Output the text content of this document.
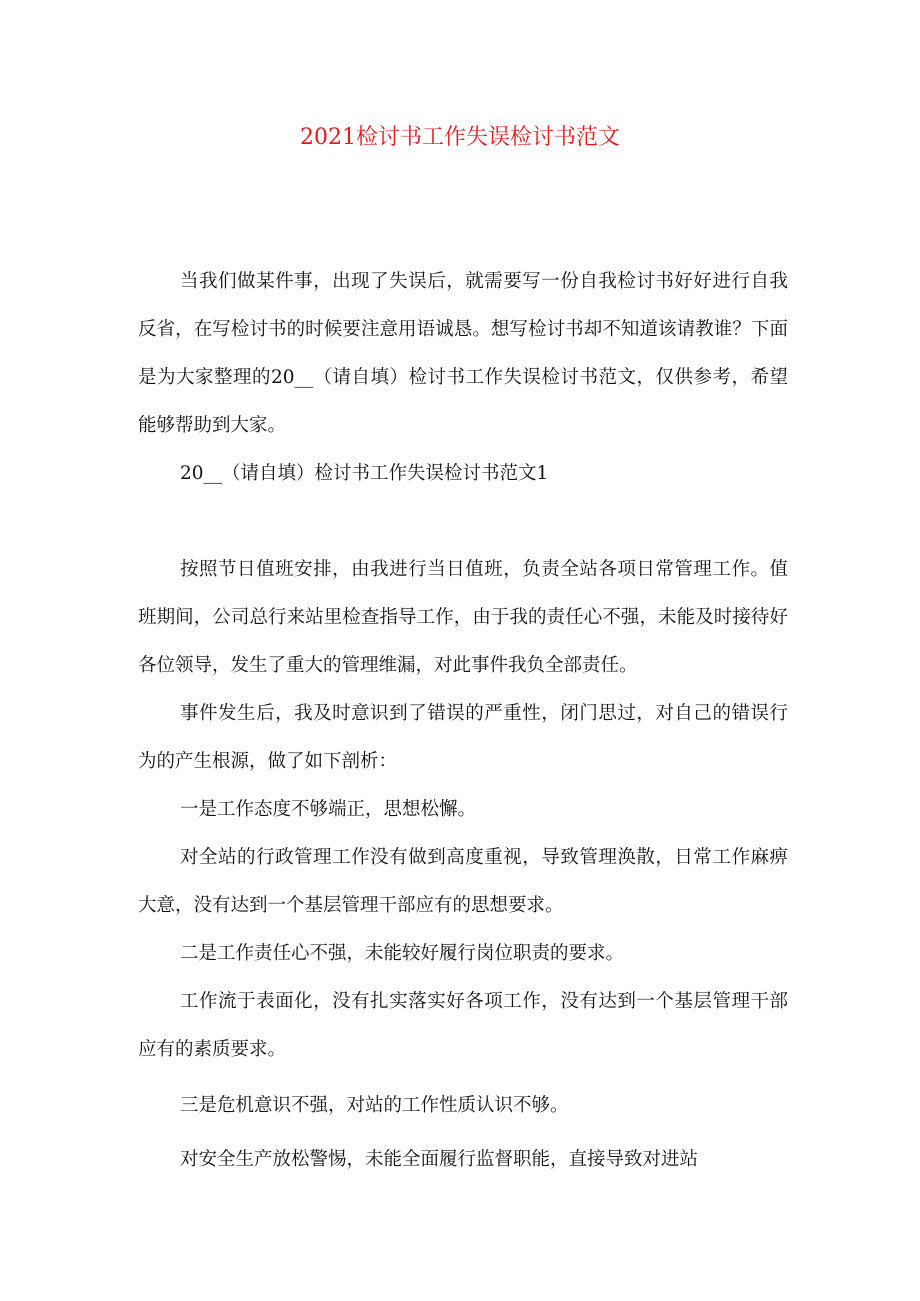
2021检讨书工作失误检讨书范文

当我们做某件事，出现了失误后，就需要写一份自我检讨书好好进行自我反省，在写检讨书的时候要注意用语诚恳。想写检讨书却不知道该请教谁？下面是为大家整理的20__（请自填）检讨书工作失误检讨书范文，仅供参考，希望能够帮助到大家。

20__（请自填）检讨书工作失误检讨书范文1

按照节日值班安排，由我进行当日值班，负责全站各项日常管理工作。值班期间，公司总行来站里检查指导工作，由于我的责任心不强，未能及时接待好各位领导，发生了重大的管理维漏，对此事件我负全部责任。

事件发生后，我及时意识到了错误的严重性，闭门思过，对自己的错误行为的产生根源，做了如下剖析：

一是工作态度不够端正，思想松懈。

对全站的行政管理工作没有做到高度重视，导致管理涣散，日常工作麻痹大意，没有达到一个基层管理干部应有的思想要求。

二是工作责任心不强，未能较好履行岗位职责的要求。

工作流于表面化，没有扎实落实好各项工作，没有达到一个基层管理干部应有的素质要求。

三是危机意识不强，对站的工作性质认识不够。

对安全生产放松警惕，未能全面履行监督职能，直接导致对进站
